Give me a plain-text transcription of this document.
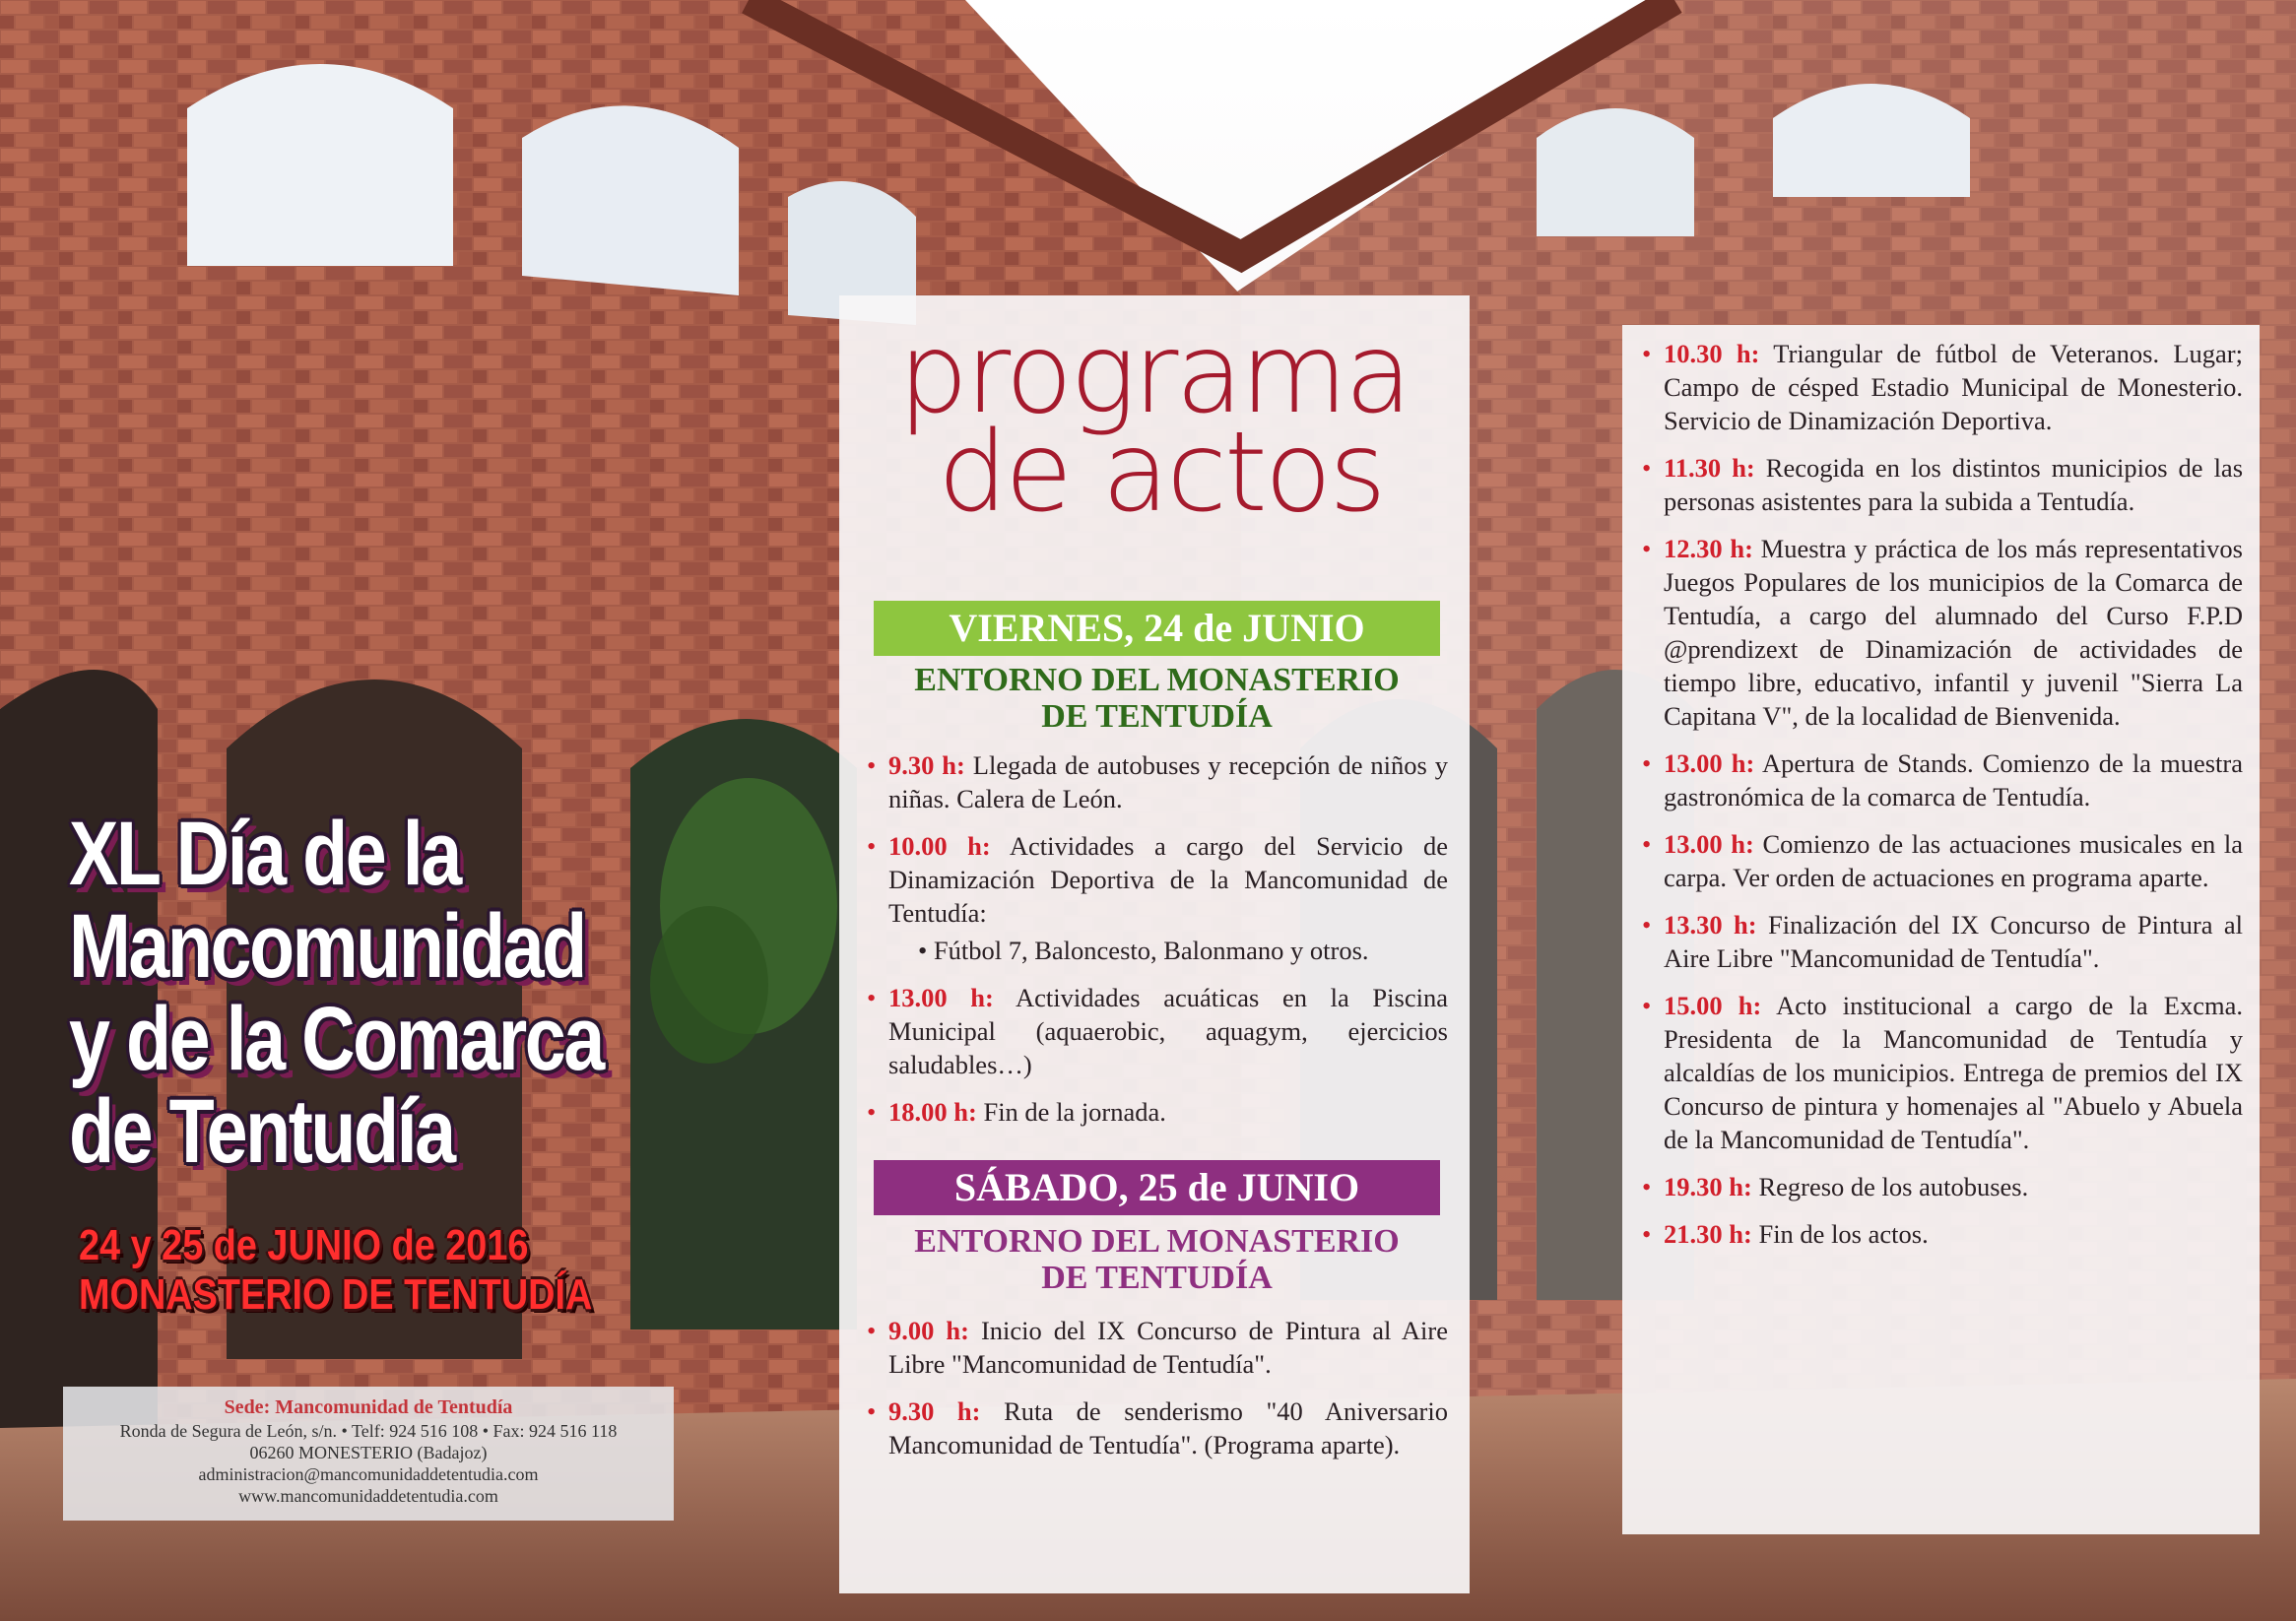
XL Día de la
Mancomunidad
y de la Comarca
de Tentudía
24 y 25 de JUNIO de 2016
MONASTERIO DE TENTUDÍA
Sede: Mancomunidad de Tentudía
Ronda de Segura de León, s/n. • Telf: 924 516 108 • Fax: 924 516 118
06260 MONESTERIO (Badajoz)
administracion@mancomunidaddetentudia.com
www.mancomunidaddetentudia.com
programa
de actos
VIERNES, 24 de JUNIO
ENTORNO DEL MONASTERIO
DE TENTUDÍA
• 9.30 h: Llegada de autobuses y recepción de niños y niñas. Calera de León.
• 10.00 h: Actividades a cargo del Servicio de Dinamización Deportiva de la Mancomunidad de Tentudía:
• Fútbol 7, Baloncesto, Balonmano y otros.
• 13.00 h: Actividades acuáticas en la Piscina Municipal (aquaerobic, aquagym, ejercicios saludables…)
• 18.00 h: Fin de la jornada.
SÁBADO, 25 de JUNIO
ENTORNO DEL MONASTERIO
DE TENTUDÍA
• 9.00 h: Inicio del IX Concurso de Pintura al Aire Libre "Mancomunidad de Tentudía".
• 9.30 h: Ruta de senderismo "40 Aniversario Mancomunidad de Tentudía". (Programa aparte).
• 10.30 h: Triangular de fútbol de Veteranos. Lugar; Campo de césped Estadio Municipal de Monesterio. Servicio de Dinamización Deportiva.
• 11.30 h: Recogida en los distintos municipios de las personas asistentes para la subida a Tentudía.
• 12.30 h: Muestra y práctica de los más representativos Juegos Populares de los municipios de la Comarca de Tentudía, a cargo del alumnado del Curso F.P.D @prendizext de Dinamización de actividades de tiempo libre, educativo, infantil y juvenil "Sierra La Capitana V", de la localidad de Bienvenida.
• 13.00 h: Apertura de Stands. Comienzo de la muestra gastronómica de la comarca de Tentudía.
• 13.00 h: Comienzo de las actuaciones musicales en la carpa. Ver orden de actuaciones en programa aparte.
• 13.30 h: Finalización del IX Concurso de Pintura al Aire Libre "Mancomunidad de Tentudía".
• 15.00 h: Acto institucional a cargo de la Excma. Presidenta de la Mancomunidad de Tentudía y alcaldías de los municipios. Entrega de premios del IX Concurso de pintura y homenajes al "Abuelo y Abuela de la Mancomunidad de Tentudía".
• 19.30 h: Regreso de los autobuses.
• 21.30 h: Fin de los actos.
